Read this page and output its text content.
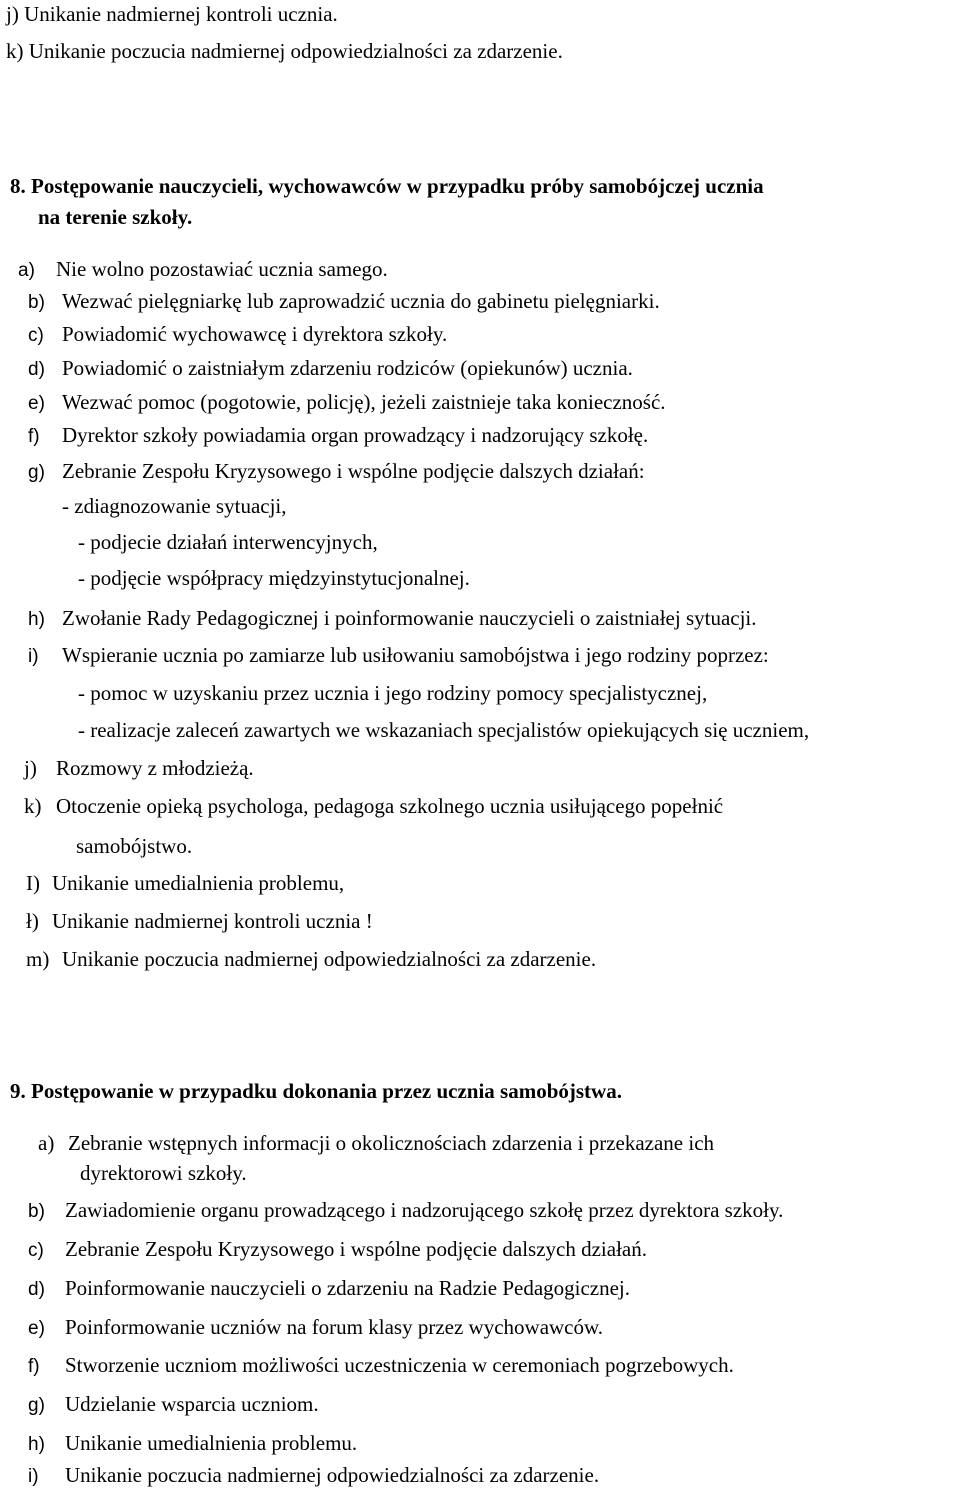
j) Unikanie nadmiernej kontroli ucznia.
k) Unikanie poczucia nadmiernej odpowiedzialności za zdarzenie.
8. Postępowanie nauczycieli, wychowawców w przypadku próby samobójczej ucznia
na terenie szkoły.
a) Nie wolno pozostawiać ucznia samego.
b) Wezwać pielęgniarkę lub zaprowadzić ucznia do gabinetu pielęgniarki.
c) Powiadomić wychowawcę i dyrektora szkoły.
d) Powiadomić o zaistniałym zdarzeniu rodziców (opiekunów) ucznia.
e) Wezwać pomoc (pogotowie, policję), jeżeli zaistnieje taka konieczność.
f) Dyrektor szkoły powiadamia organ prowadzący i nadzorujący szkołę.
g) Zebranie Zespołu Kryzysowego i wspólne podjęcie dalszych działań:
- zdiagnozowanie sytuacji,
- podjecie działań interwencyjnych,
- podjęcie współpracy międzyinstytucjonalnej.
h) Zwołanie Rady Pedagogicznej i poinformowanie nauczycieli o zaistniałej sytuacji.
i) Wspieranie ucznia po zamiarze lub usiłowaniu samobójstwa i jego rodziny poprzez:
- pomoc w uzyskaniu przez ucznia i jego rodziny pomocy specjalistycznej,
- realizacje zaleceń zawartych we wskazaniach specjalistów opiekujących się uczniem,
j) Rozmowy z młodzieżą.
k) Otoczenie opieką psychologa, pedagoga szkolnego ucznia usiłującego popełnić
samobójstwo.
I) Unikanie umedialnienia problemu,
ł) Unikanie nadmiernej kontroli ucznia !
m) Unikanie poczucia nadmiernej odpowiedzialności za zdarzenie.
9. Postępowanie w przypadku dokonania przez ucznia samobójstwa.
a) Zebranie wstępnych informacji o okolicznościach zdarzenia i przekazane ich
dyrektorowi szkoły.
b) Zawiadomienie organu prowadzącego i nadzorującego szkołę przez dyrektora szkoły.
c) Zebranie Zespołu Kryzysowego i wspólne podjęcie dalszych działań.
d) Poinformowanie nauczycieli o zdarzeniu na Radzie Pedagogicznej.
e) Poinformowanie uczniów na forum klasy przez wychowawców.
f) Stworzenie uczniom możliwości uczestniczenia w ceremoniach pogrzebowych.
g) Udzielanie wsparcia uczniom.
h) Unikanie umedialnienia problemu.
i) Unikanie poczucia nadmiernej odpowiedzialności za zdarzenie.
